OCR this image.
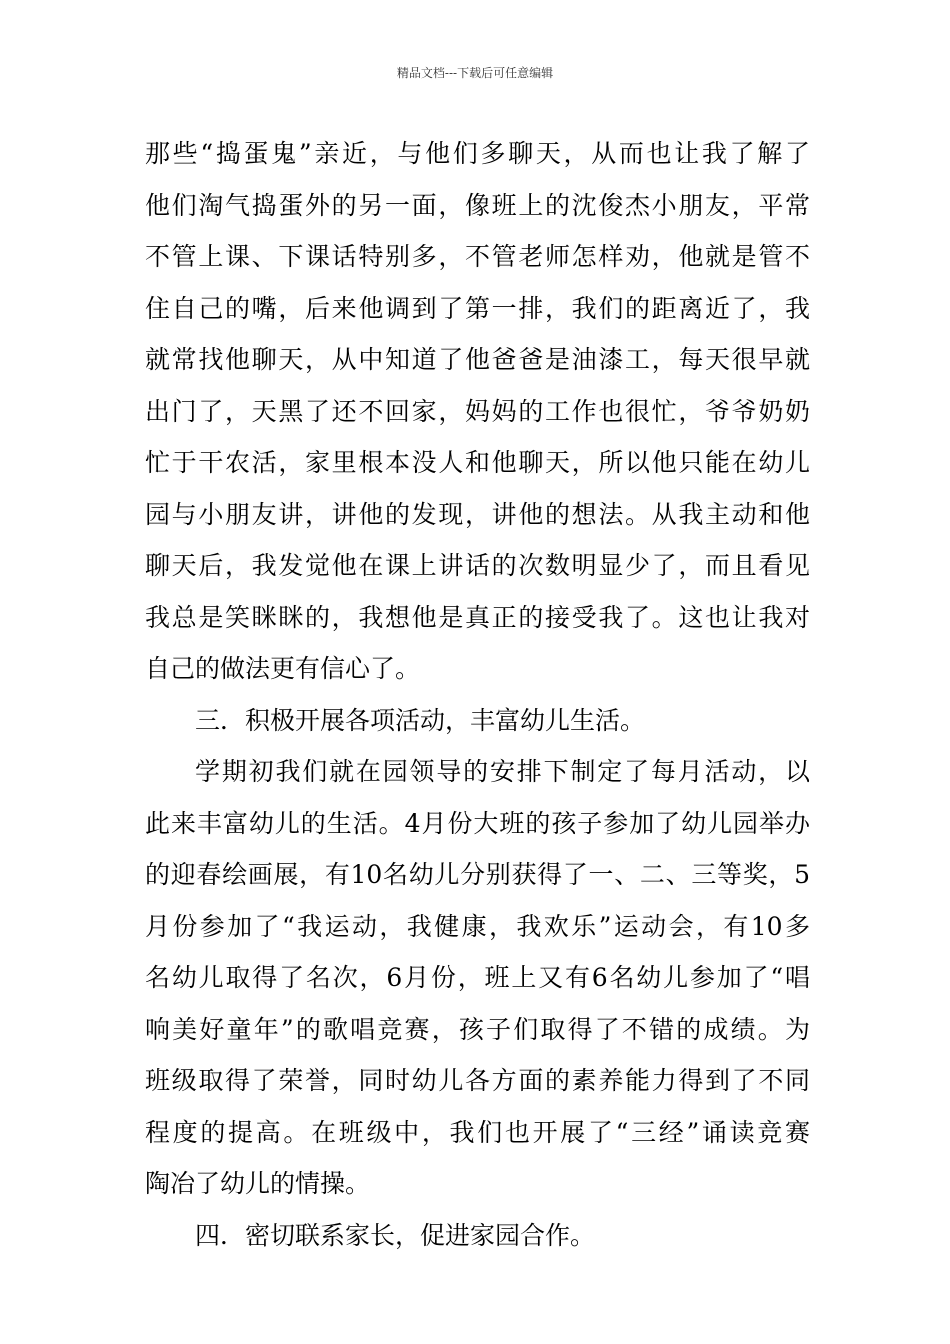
精品文档---下载后可任意编辑
那些“捣蛋鬼”亲近，与他们多聊天，从而也让我了解了
他们淘气捣蛋外的另一面，像班上的沈俊杰小朋友，平常
不管上课、下课话特别多，不管老师怎样劝，他就是管不
住自己的嘴，后来他调到了第一排，我们的距离近了，我
就常找他聊天，从中知道了他爸爸是油漆工，每天很早就
出门了，天黑了还不回家，妈妈的工作也很忙，爷爷奶奶
忙于干农活，家里根本没人和他聊天，所以他只能在幼儿
园与小朋友讲，讲他的发现，讲他的想法。从我主动和他
聊天后，我发觉他在课上讲话的次数明显少了，而且看见
我总是笑眯眯的，我想他是真正的接受我了。这也让我对
自己的做法更有信心了。
三．积极开展各项活动，丰富幼儿生活。
学期初我们就在园领导的安排下制定了每月活动，以
此来丰富幼儿的生活。4月份大班的孩子参加了幼儿园举办
的迎春绘画展，有10名幼儿分别获得了一、二、三等奖，5
月份参加了“我运动，我健康，我欢乐”运动会，有10多
名幼儿取得了名次，6月份，班上又有6名幼儿参加了“唱
响美好童年”的歌唱竞赛，孩子们取得了不错的成绩。为
班级取得了荣誉，同时幼儿各方面的素养能力得到了不同
程度的提高。在班级中，我们也开展了“三经”诵读竞赛
陶冶了幼儿的情操。
四．密切联系家长，促进家园合作。
